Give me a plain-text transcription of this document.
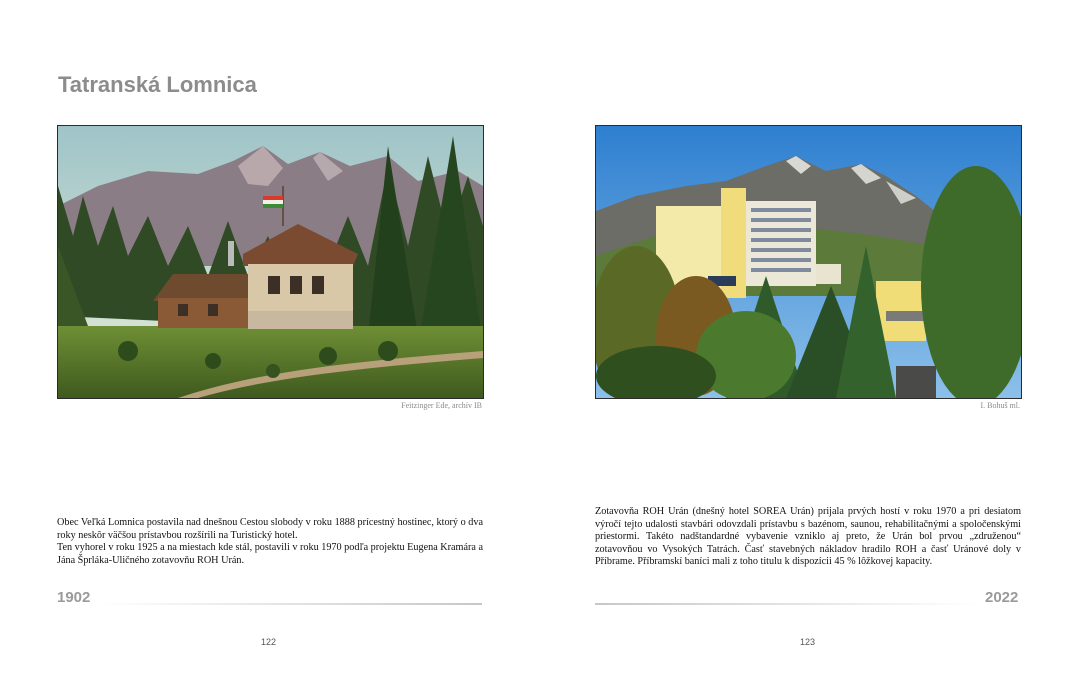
Tatranská Lomnica
Feitzinger Ede, archív IB

Obec Veľká Lomnica postavila nad dnešnou Cestou slobody v roku 1888 prícestný hostinec, ktorý o dva roky neskôr väčšou prístavbou rozšírili na Turistický hotel.

Ten vyhorel v roku 1925 a na miestach kde stál, postavili v roku 1970 podľa projektu Eugena Kramára a Jána Šprláka-Uličného zotavovňu ROH Urán.

1902
122
I. Bohuš ml.

Zotavovňa ROH Urán (dnešný hotel SOREA Urán) prijala prvých hostí v roku 1970 a pri desiatom výročí tejto udalosti stavbári odovzdali prístavbu s bazénom, saunou, rehabilitačnými a spoločenskými priestormi. Takéto nadštandardné vybavenie vzniklo aj preto, že Urán bol prvou „združenou“ zotavovňou vo Vysokých Tatrách. Časť stavebných nákladov hradilo ROH a časť Uránové doly v Příbrame. Příbramskí baníci mali z toho titulu k dispozícii 45 % lôžkovej kapacity.

2022
123
